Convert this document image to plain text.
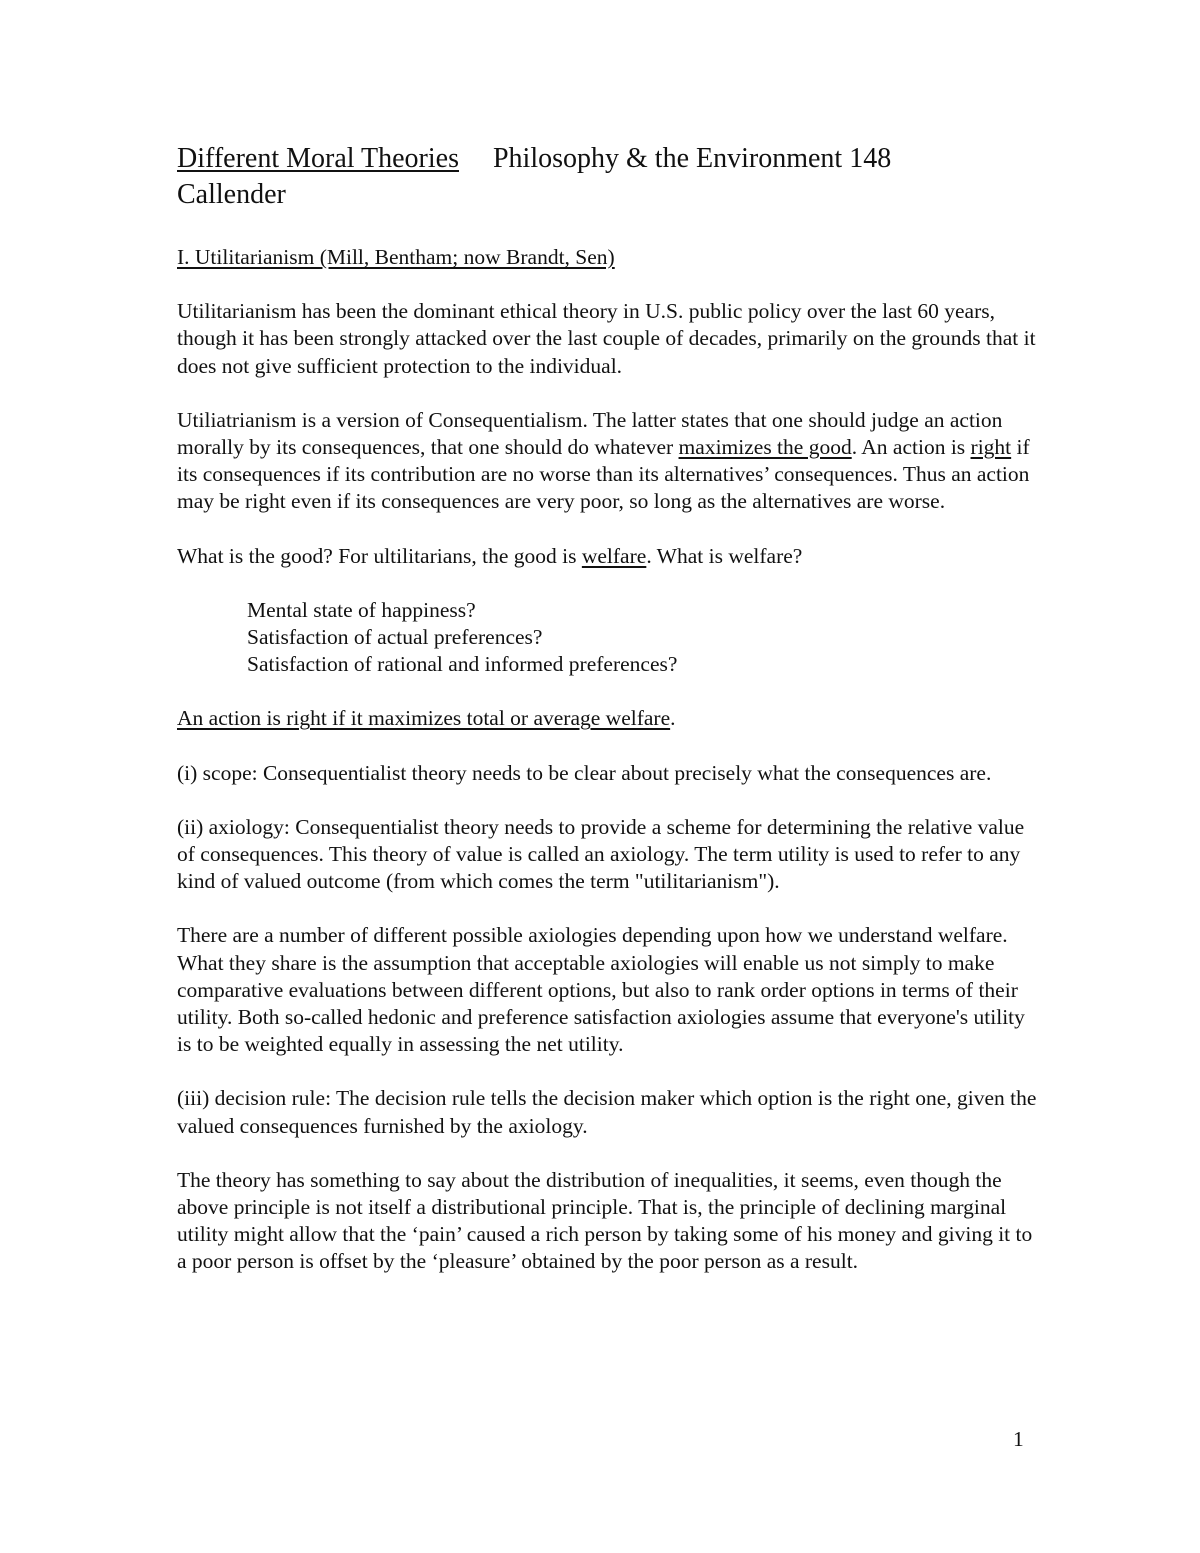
Different Moral Theories Philosophy & the Environment 148
Callender

I. Utilitarianism (Mill, Bentham; now Brandt, Sen)

Utilitarianism has been the dominant ethical theory in U.S. public policy over the last 60 years, though it has been strongly attacked over the last couple of decades, primarily on the grounds that it does not give sufficient protection to the individual.

Utiliatrianism is a version of Consequentialism. The latter states that one should judge an action morally by its consequences, that one should do whatever maximizes the good. An action is right if its consequences if its contribution are no worse than its alternatives’ consequences. Thus an action may be right even if its consequences are very poor, so long as the alternatives are worse.

What is the good? For ultilitarians, the good is welfare. What is welfare?

Mental state of happiness?
Satisfaction of actual preferences?
Satisfaction of rational and informed preferences?

An action is right if it maximizes total or average welfare.

(i) scope: Consequentialist theory needs to be clear about precisely what the consequences are.

(ii) axiology: Consequentialist theory needs to provide a scheme for determining the relative value of consequences. This theory of value is called an axiology. The term utility is used to refer to any kind of valued outcome (from which comes the term "utilitarianism").

There are a number of different possible axiologies depending upon how we understand welfare. What they share is the assumption that acceptable axiologies will enable us not simply to make comparative evaluations between different options, but also to rank order options in terms of their utility. Both so-called hedonic and preference satisfaction axiologies assume that everyone's utility is to be weighted equally in assessing the net utility.

(iii) decision rule: The decision rule tells the decision maker which option is the right one, given the valued consequences furnished by the axiology.

The theory has something to say about the distribution of inequalities, it seems, even though the above principle is not itself a distributional principle. That is, the principle of declining marginal utility might allow that the ‘pain’ caused a rich person by taking some of his money and giving it to a poor person is offset by the ‘pleasure’ obtained by the poor person as a result.

1
